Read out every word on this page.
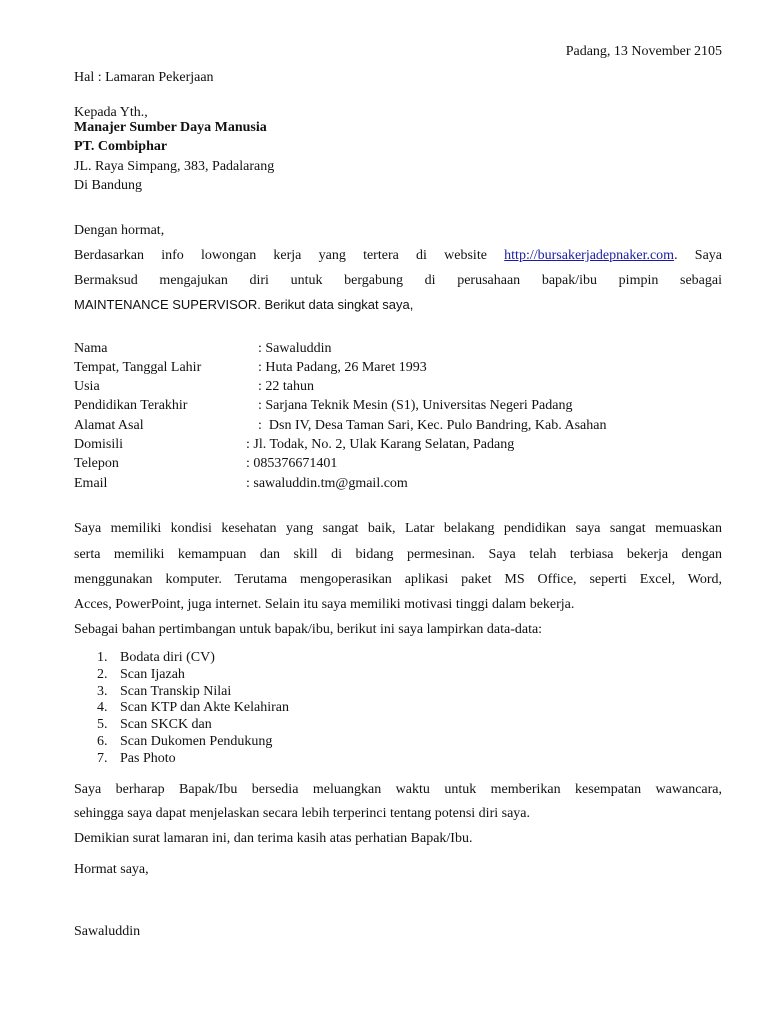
Padang, 13 November 2105
Hal : Lamaran Pekerjaan
Kepada Yth.,
Manajer Sumber Daya Manusia
PT. Combiphar
JL. Raya Simpang, 383, Padalarang
Di Bandung
Dengan hormat,
Berdasarkan info lowongan kerja yang tertera di website http://bursakerjadepnaker.com. Saya
Bermaksud mengajukan diri untuk bergabung di perusahaan bapak/ibu pimpin sebagai
MAINTENANCE SUPERVISOR. Berikut data singkat saya,
Nama	: Sawaluddin
Tempat, Tanggal Lahir	: Huta Padang, 26 Maret 1993
Usia	: 22 tahun
Pendidikan Terakhir	: Sarjana Teknik Mesin (S1), Universitas Negeri Padang
Alamat Asal	:  Dsn IV, Desa Taman Sari, Kec. Pulo Bandring, Kab. Asahan
Domisili	: Jl. Todak, No. 2, Ulak Karang Selatan, Padang
Telepon	: 085376671401
Email	: sawaluddin.tm@gmail.com
Saya memiliki kondisi kesehatan yang sangat baik, Latar belakang pendidikan saya sangat memuaskan
serta memiliki kemampuan dan skill di bidang permesinan. Saya telah terbiasa bekerja dengan
menggunakan komputer. Terutama mengoperasikan aplikasi paket MS Office, seperti Excel, Word,
Acces, PowerPoint, juga internet. Selain itu saya memiliki motivasi tinggi dalam bekerja.
Sebagai bahan pertimbangan untuk bapak/ibu, berikut ini saya lampirkan data-data:
1. Bodata diri (CV)
2. Scan Ijazah
3. Scan Transkip Nilai
4. Scan KTP dan Akte Kelahiran
5. Scan SKCK dan
6. Scan Dukomen Pendukung
7. Pas Photo
Saya berharap Bapak/Ibu bersedia meluangkan waktu untuk memberikan kesempatan wawancara,
sehingga saya dapat menjelaskan secara lebih terperinci tentang potensi diri saya.
Demikian surat lamaran ini, dan terima kasih atas perhatian Bapak/Ibu.
Hormat saya,
Sawaluddin
